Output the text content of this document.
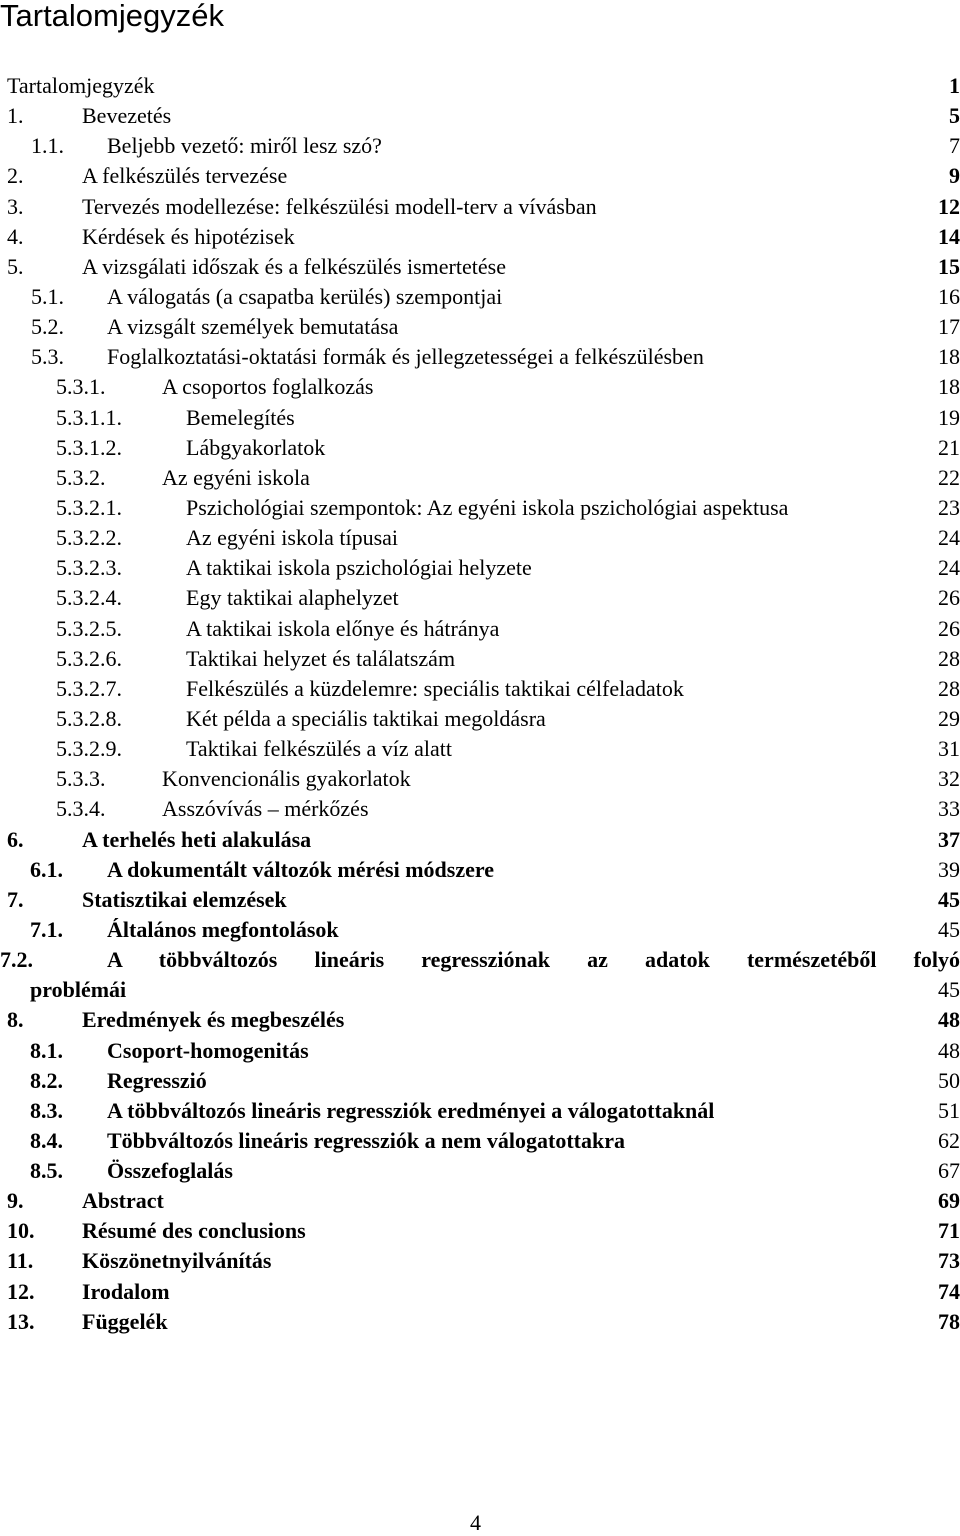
Tartalomjegyzék
Tartalomjegyzék	1
1.	Bevezetés	5
1.1. Beljebb vezető: miről lesz szó?	7
2.	A felkészülés tervezése	9
3.	Tervezés modellezése: felkészülési modell-terv a vívásban	12
4.	Kérdések és hipotézisek	14
5.	A vizsgálati időszak és a felkészülés ismertetése	15
5.1. A válogatás (a csapatba kerülés) szempontjai	16
5.2. A vizsgált személyek bemutatása	17
5.3. Foglalkoztatási-oktatási formák és jellegzetességei a felkészülésben	18
5.3.1.	A csoportos foglalkozás	18
5.3.1.1.	Bemelegítés	19
5.3.1.2.	Lábgyakorlatok	21
5.3.2.	Az egyéni iskola	22
5.3.2.1.	Pszichológiai szempontok: Az egyéni iskola pszichológiai aspektusa	23
5.3.2.2.	Az egyéni iskola típusai	24
5.3.2.3.	A taktikai iskola pszichológiai helyzete	24
5.3.2.4.	Egy taktikai alaphelyzet	26
5.3.2.5.	A taktikai iskola előnye és hátránya	26
5.3.2.6.	Taktikai helyzet és találatszám	28
5.3.2.7.	Felkészülés a küzdelemre: speciális taktikai célfeladatok	28
5.3.2.8.	Két példa a speciális taktikai megoldásra	29
5.3.2.9.	Taktikai felkészülés a víz alatt	31
5.3.3.	Konvencionális gyakorlatok	32
5.3.4.	Asszóvívás – mérkőzés	33
6.	A terhelés heti alakulása	37
6.1. A dokumentált változók mérési módszere	39
7.	Statisztikai elemzések	45
7.1. Általános megfontolások	45
7.2.	A többváltozós lineáris regressziónak az adatok természetéből folyó
problémái	45
8.	Eredmények és megbeszélés	48
8.1. Csoport-homogenitás	48
8.2. Regresszió	50
8.3. A többváltozós lineáris regressziók eredményei a válogatottaknál	51
8.4. Többváltozós lineáris regressziók a nem válogatottakra	62
8.5. Összefoglalás	67
9.	Abstract	69
10. Résumé des conclusions	71
11. Köszönetnyilvánítás	73
12. Irodalom	74
13. Függelék	78
4
